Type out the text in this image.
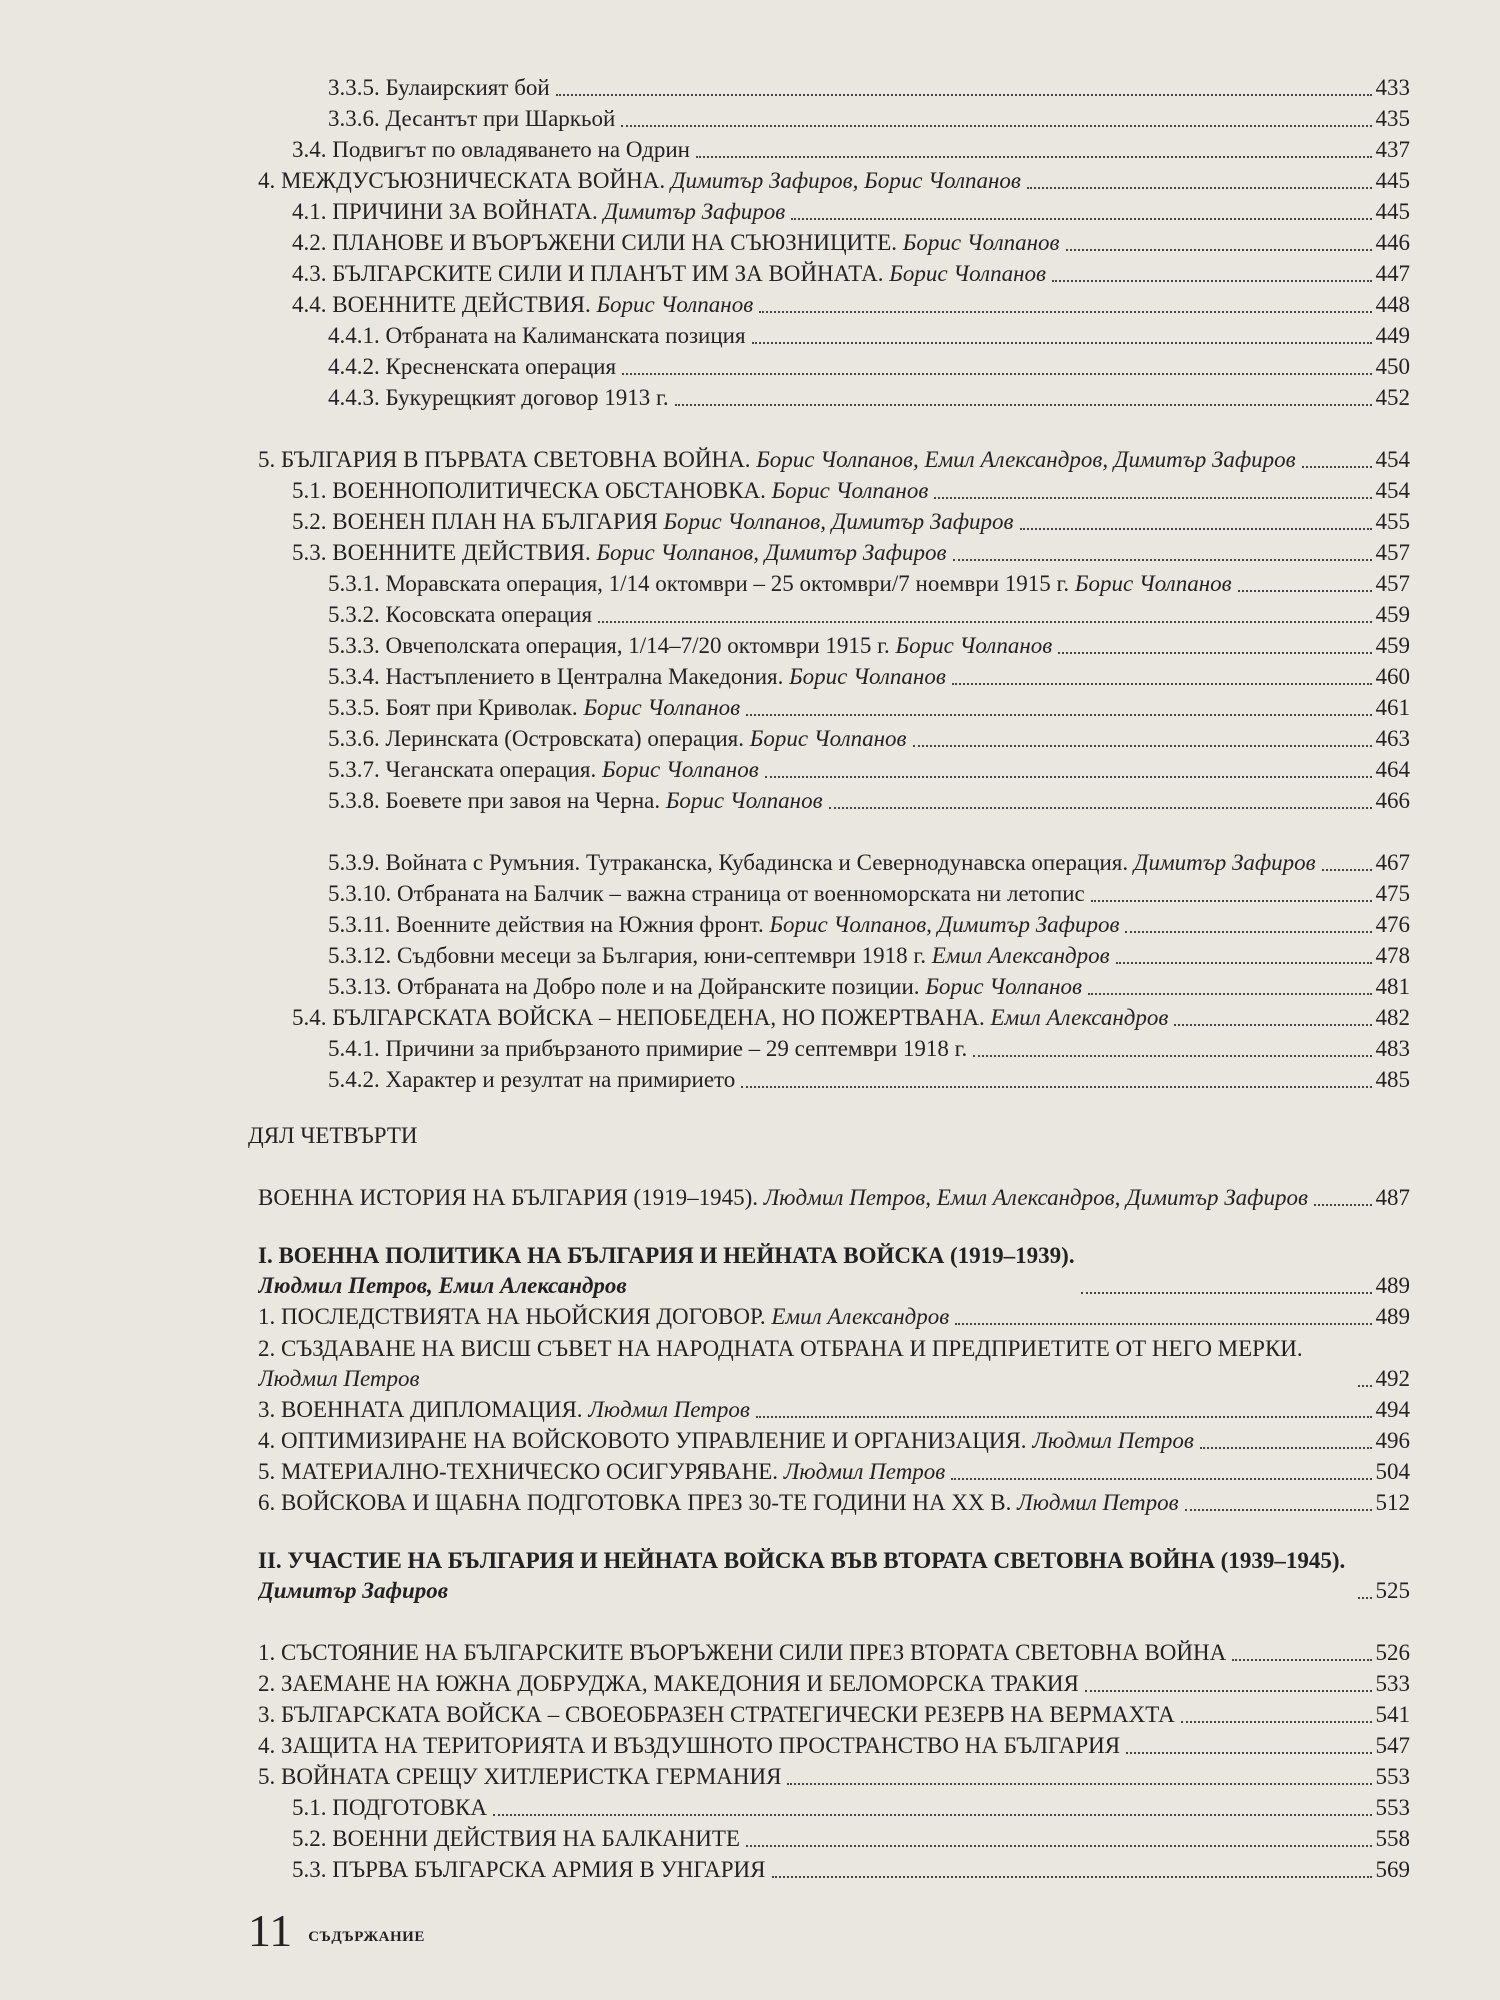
3.3.5. Булаирският бой	433
3.3.6. Десантът при Шаркьой	435
3.4. Подвигът по овладяването на Одрин	437
4. МЕЖДУСЪЮЗНИЧЕСКАТА ВОЙНА. Димитър Зафиров, Борис Чолпанов	445
4.1. ПРИЧИНИ ЗА ВОЙНАТА. Димитър Зафиров	445
4.2. ПЛАНОВЕ И ВЪОРЪЖЕНИ СИЛИ НА СЪЮЗНИЦИТЕ. Борис Чолпанов	446
4.3. БЪЛГАРСКИТЕ СИЛИ И ПЛАНЪТ ИМ ЗА ВОЙНАТА. Борис Чолпанов	447
4.4. ВОЕННИТЕ ДЕЙСТВИЯ. Борис Чолпанов	448
4.4.1. Отбраната на Калиманската позиция	449
4.4.2. Кресненската операция	450
4.4.3. Букурещкият договор 1913 г.	452
5. БЪЛГАРИЯ В ПЪРВАТА СВЕТОВНА ВОЙНА. Борис Чолпанов, Емил Александров, Димитър Зафиров	454
5.1. ВОЕННОПОЛИТИЧЕСКА ОБСТАНОВКА. Борис Чолпанов	454
5.2. ВОЕНЕН ПЛАН НА БЪЛГАРИЯ Борис Чолпанов, Димитър Зафиров	455
5.3. ВОЕННИТЕ ДЕЙСТВИЯ. Борис Чолпанов, Димитър Зафиров	457
5.3.1. Моравската операция, 1/14 октомври – 25 октомври/7 ноември 1915 г. Борис Чолпанов	457
5.3.2. Косовската операция	459
5.3.3. Овчеполската операция, 1/14–7/20 октомври 1915 г. Борис Чолпанов	459
5.3.4. Настъплението в Централна Македония. Борис Чолпанов	460
5.3.5. Боят при Криволак. Борис Чолпанов	461
5.3.6. Леринската (Островската) операция. Борис Чолпанов	463
5.3.7. Чеганската операция. Борис Чолпанов	464
5.3.8. Боевете при завоя на Черна. Борис Чолпанов	466
5.3.9. Войната с Румъния. Тутраканска, Кубадинска и Севернодунавска операция. Димитър Зафиров	467
5.3.10. Отбраната на Балчик – важна страница от военноморската ни летопис	475
5.3.11. Военните действия на Южния фронт. Борис Чолпанов, Димитър Зафиров	476
5.3.12. Съдбовни месеци за България, юни-септември 1918 г. Емил Александров	478
5.3.13. Отбраната на Добро поле и на Дойранските позиции. Борис Чолпанов	481
5.4. БЪЛГАРСКАТА ВОЙСКА – НЕПОБЕДЕНА, НО ПОЖЕРТВАНА. Емил Александров	482
5.4.1. Причини за прибързаното примирие – 29 септември 1918 г.	483
5.4.2. Характер и резултат на примирието	485
ДЯЛ ЧЕТВЪРТИ
ВОЕННА ИСТОРИЯ НА БЪЛГАРИЯ (1919–1945). Людмил Петров, Емил Александров, Димитър Зафиров	487
I. ВОЕННА ПОЛИТИКА НА БЪЛГАРИЯ И НЕЙНАТА ВОЙСКА (1919–1939).
Людмил Петров, Емил Александров	489
1. ПОСЛЕДСТВИЯТА НА НЬОЙСКИЯ ДОГОВОР. Емил Александров	489
2. СЪЗДАВАНЕ НА ВИСШ СЪВЕТ НА НАРОДНАТА ОТБРАНА И ПРЕДПРИЕТИТЕ ОТ НЕГО МЕРКИ. Людмил Петров	492
3. ВОЕННАТА ДИПЛОМАЦИЯ. Людмил Петров	494
4. ОПТИМИЗИРАНЕ НА ВОЙСКОВОТО УПРАВЛЕНИЕ И ОРГАНИЗАЦИЯ. Людмил Петров	496
5. МАТЕРИАЛНО-ТЕХНИЧЕСКО ОСИГУРЯВАНЕ. Людмил Петров	504
6. ВОЙСКОВА И ЩАБНА ПОДГОТОВКА ПРЕЗ 30-ТЕ ГОДИНИ НА XX В. Людмил Петров	512
II. УЧАСТИЕ НА БЪЛГАРИЯ И НЕЙНАТА ВОЙСКА ВЪВ ВТОРАТА СВЕТОВНА ВОЙНА (1939–1945). Димитър Зафиров	525
1. СЪСТОЯНИЕ НА БЪЛГАРСКИТЕ ВЪОРЪЖЕНИ СИЛИ ПРЕЗ ВТОРАТА СВЕТОВНА ВОЙНА	526
2. ЗАЕМАНЕ НА ЮЖНА ДОБРУДЖА, МАКЕДОНИЯ И БЕЛОМОРСКА ТРАКИЯ	533
3. БЪЛГАРСКАТА ВОЙСКА – СВОЕОБРАЗЕН СТРАТЕГИЧЕСКИ РЕЗЕРВ НА ВЕРМАХТА	541
4. ЗАЩИТА НА ТЕРИТОРИЯТА И ВЪЗДУШНОТО ПРОСТРАНСТВО НА БЪЛГАРИЯ	547
5. ВОЙНАТА СРЕЩУ ХИТЛЕРИСТКА ГЕРМАНИЯ	553
5.1. ПОДГОТОВКА	553
5.2. ВОЕННИ ДЕЙСТВИЯ НА БАЛКАНИТЕ	558
5.3. ПЪРВА БЪЛГАРСКА АРМИЯ В УНГАРИЯ	569
11 СЪДЪРЖАНИЕ
